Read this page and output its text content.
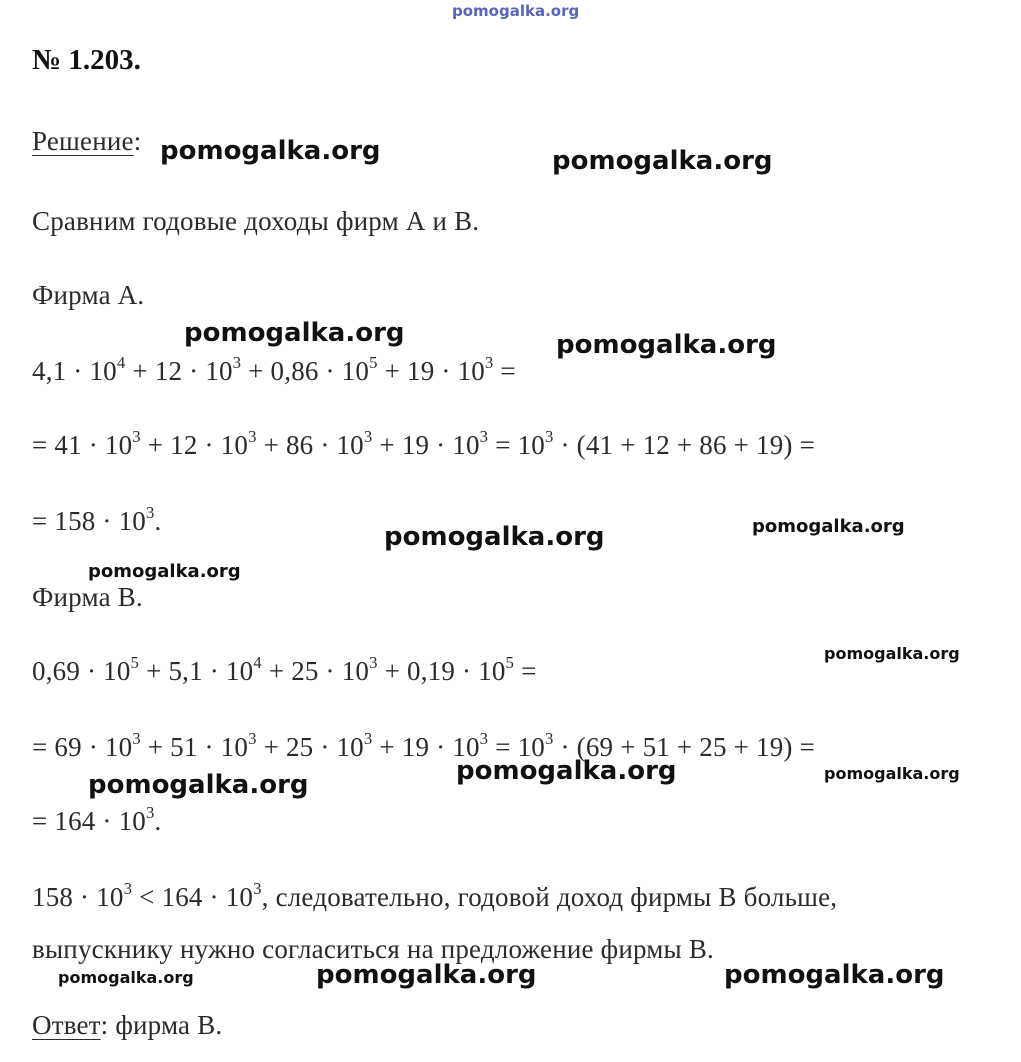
pomogalka.org
№ 1.203.
Решение:
Сравним годовые доходы фирм А и В.
Фирма А.
$4,1 \cdot 10^4 + 12 \cdot 10^3 + 0,86 \cdot 10^5 + 19 \cdot 10^3$ =
= $41 \cdot 10^3 + 12 \cdot 10^3 + 86 \cdot 10^3 + 19 \cdot 10^3 = 10^3 \cdot (41 + 12 + 86 + 19)$ =
= $158 \cdot 10^3$.
Фирма В.
$0,69 \cdot 10^5 + 5,1 \cdot 10^4 + 25 \cdot 10^3 + 0,19 \cdot 10^5$ =
= $69 \cdot 10^3 + 51 \cdot 10^3 + 25 \cdot 10^3 + 19 \cdot 10^3 = 10^3 \cdot (69 + 51 + 25 + 19)$ =
= $164 \cdot 10^3$.
$158 \cdot 10^3 < 164 \cdot 10^3$, следовательно, годовой доход фирмы В больше,
выпускнику нужно согласиться на предложение фирмы В.
Ответ: фирма В.
pomogalka.org	pomogalka.org
pomogalka.org	pomogalka.org
pomogalka.org	pomogalka.org
pomogalka.org
pomogalka.org
pomogalka.org	pomogalka.org
pomogalka.org
pomogalka.org	pomogalka.org	pomogalka.org
